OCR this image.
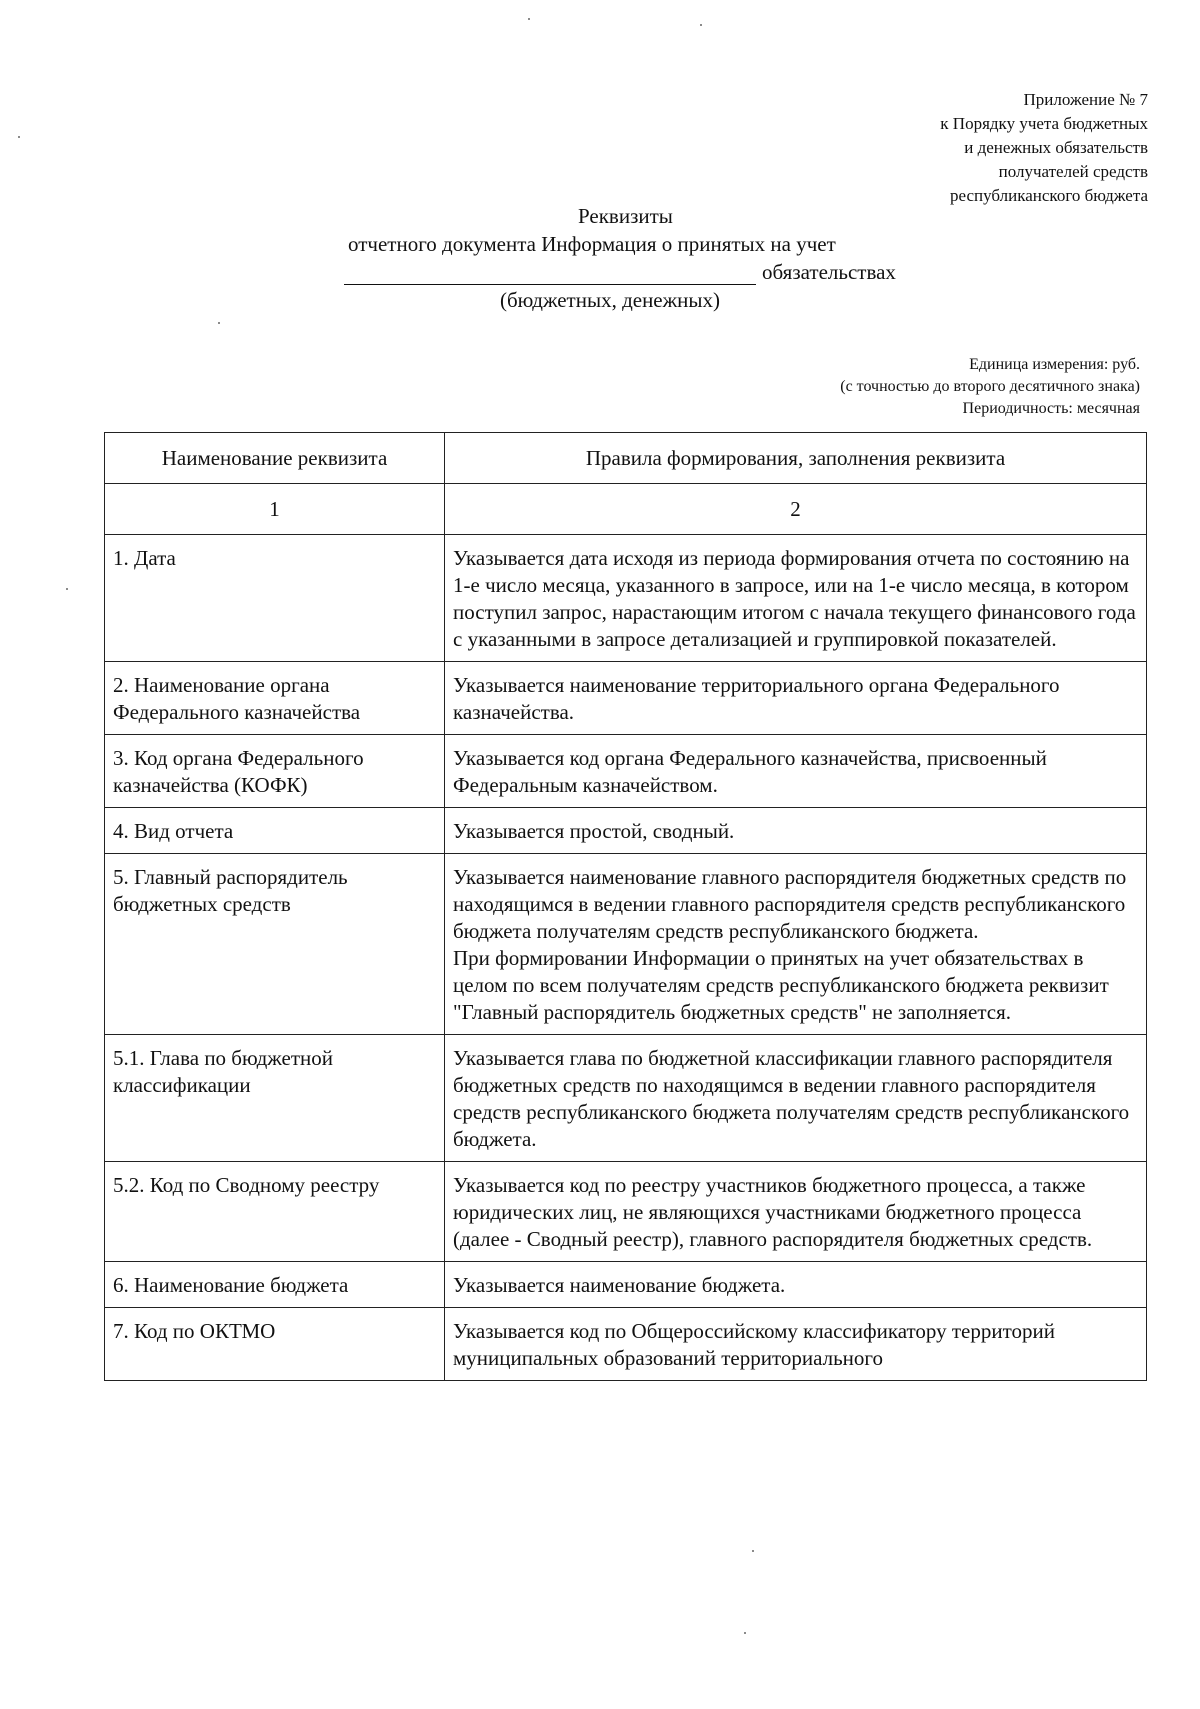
Приложение № 7
к Порядку учета бюджетных
и денежных обязательств
получателей средств
республиканского бюджета
Реквизиты
отчетного документа Информация о принятых на учет
обязательствах
(бюджетных, денежных)
Единица измерения: руб.
(с точностью до второго десятичного знака)
Периодичность: месячная
Наименование реквизита	Правила формирования, заполнения реквизита
1	2
1. Дата	Указывается дата исходя из периода формирования отчета по состоянию на 1-е число месяца, указанного в запросе, или на 1-е число месяца, в котором поступил запрос, нарастающим итогом с начала текущего финансового года с указанными в запросе детализацией и группировкой показателей.
2. Наименование органа Федерального казначейства	Указывается наименование территориального органа Федерального казначейства.
3. Код органа Федерального казначейства (КОФК)	Указывается код органа Федерального казначейства, присвоенный Федеральным казначейством.
4. Вид отчета	Указывается простой, сводный.
5. Главный распорядитель бюджетных средств	Указывается наименование главного распорядителя бюджетных средств по находящимся в ведении главного распорядителя средств республиканского бюджета получателям средств республиканского бюджета.
При формировании Информации о принятых на учет обязательствах в целом по всем получателям средств республиканского бюджета реквизит "Главный распорядитель бюджетных средств" не заполняется.
5.1. Глава по бюджетной классификации	Указывается глава по бюджетной классификации главного распорядителя бюджетных средств по находящимся в ведении главного распорядителя средств республиканского бюджета получателям средств республиканского бюджета.
5.2. Код по Сводному реестру	Указывается код по реестру участников бюджетного процесса, а также юридических лиц, не являющихся участниками бюджетного процесса (далее - Сводный реестр), главного распорядителя бюджетных средств.
6. Наименование бюджета	Указывается наименование бюджета.
7. Код по ОКТМО	Указывается код по Общероссийскому классификатору территорий муниципальных образований территориального
